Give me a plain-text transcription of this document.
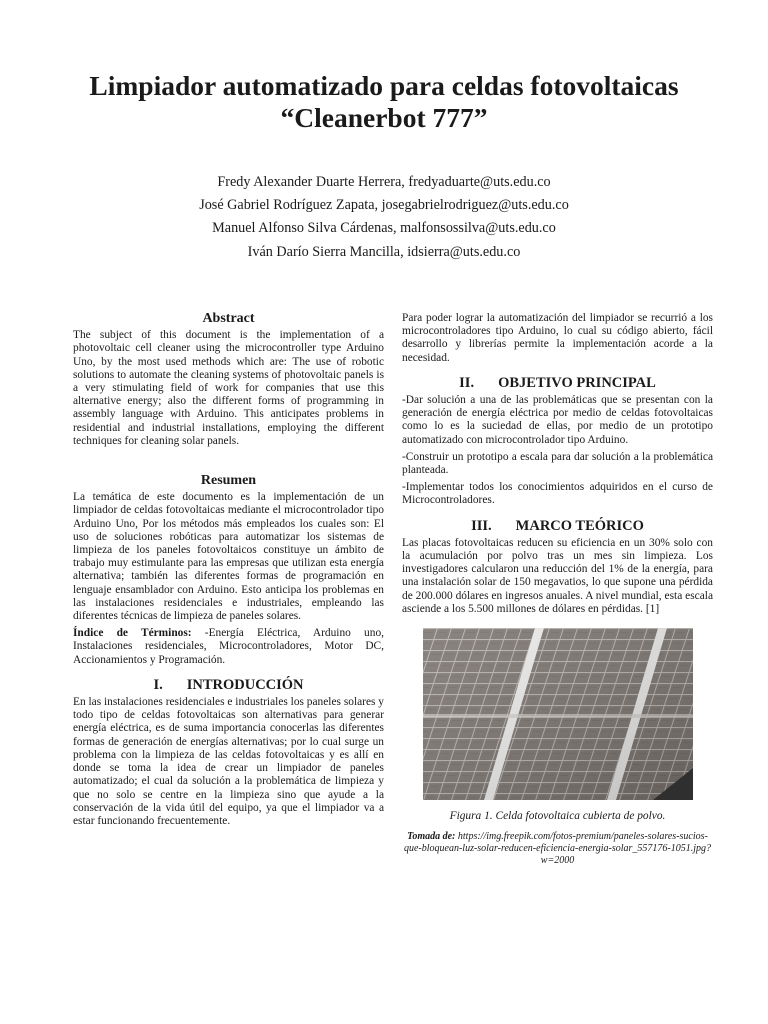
Limpiador automatizado para celdas fotovoltaicas
“Cleanerbot 777”
Fredy Alexander Duarte Herrera, fredyaduarte@uts.edu.co
José Gabriel Rodríguez Zapata, josegabrielrodriguez@uts.edu.co
Manuel Alfonso Silva Cárdenas, malfonsossilva@uts.edu.co
Iván Darío Sierra Mancilla, idsierra@uts.edu.co
Abstract

The subject of this document is the implementation of a photovoltaic cell cleaner using the microcontroller type Arduino Uno, by the most used methods which are: The use of robotic solutions to automate the cleaning systems of photovoltaic panels is a very stimulating field of work for companies that use this alternative energy; also the different forms of programming in assembly language with Arduino. This anticipates problems in residential and industrial installations, employing the different techniques for cleaning solar panels.

Resumen

La temática de este documento es la implementación de un limpiador de celdas fotovoltaicas mediante el microcontrolador tipo Arduino Uno, Por los métodos más empleados los cuales son: El uso de soluciones robóticas para automatizar los sistemas de limpieza de los paneles fotovoltaicos constituye un ámbito de trabajo muy estimulante para las empresas que utilizan esta energía alternativa; también las diferentes formas de programación en lenguaje ensamblador con Arduino. Esto anticipa los problemas en las instalaciones residenciales e industriales, empleando las diferentes técnicas de limpieza de paneles solares.

Índice de Términos: -Energía Eléctrica, Arduino uno, Instalaciones residenciales, Microcontroladores, Motor DC, Accionamientos y Programación.

I. INTRODUCCIÓN

En las instalaciones residenciales e industriales los paneles solares y todo tipo de celdas fotovoltaicas son alternativas para generar energía eléctrica, es de suma importancia conocerlas las diferentes formas de generación de energías alternativas; por lo cual surge un problema con la limpieza de las celdas fotovoltaicas y es allí en donde se toma la idea de crear un limpiador de paneles automatizado; el cual da solución a la problemática de limpieza y que no solo se centre en la limpieza sino que ayude a la conservación de la vida útil del equipo, ya que el limpiador va a estar funcionando frecuentemente.

Para poder lograr la automatización del limpiador se recurrió a los microcontroladores tipo Arduino, lo cual su código abierto, fácil desarrollo y librerías permite la implementación acorde a la necesidad.

II. OBJETIVO PRINCIPAL

-Dar solución a una de las problemáticas que se presentan con la generación de energía eléctrica por medio de celdas fotovoltaicas como lo es la suciedad de ellas, por medio de un prototipo automatizado con microcontrolador tipo Arduino.

-Construir un prototipo a escala para dar solución a la problemática planteada.

-Implementar todos los conocimientos adquiridos en el curso de Microcontroladores.

III. MARCO TEÓRICO

Las placas fotovoltaicas reducen su eficiencia en un 30% solo con la acumulación por polvo tras un mes sin limpieza. Los investigadores calcularon una reducción del 1% de la energía, para una instalación solar de 150 megavatios, lo que supone una pérdida de 200.000 dólares en ingresos anuales. A nivel mundial, esta escala asciende a los 5.500 millones de dólares en pérdidas. [1]

Figura 1. Celda fotovoltaica cubierta de polvo.
Tomada de: https://img.freepik.com/fotos-premium/paneles-solares-sucios-que-bloquean-luz-solar-reducen-eficiencia-energia-solar_557176-1051.jpg?w=2000
